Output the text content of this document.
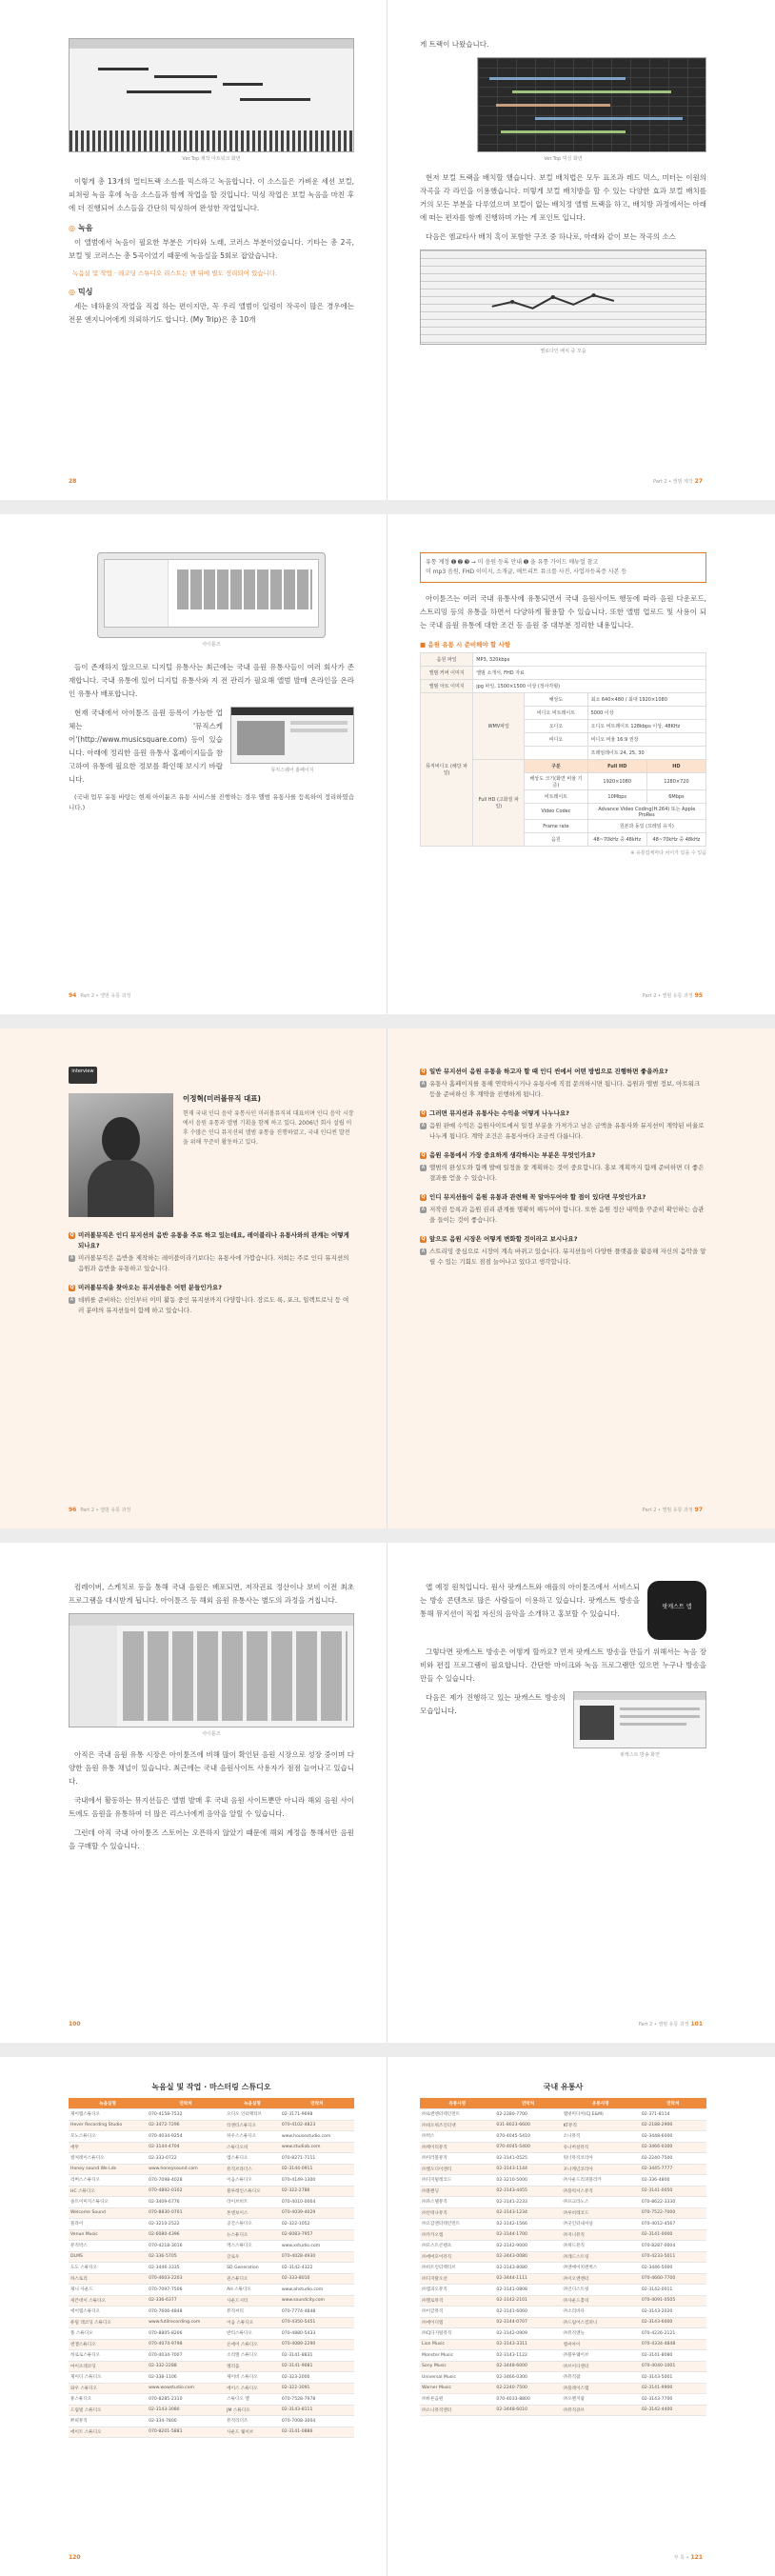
Ver.Top 제작 아트워크 화면

이렇게 총 13개의 멀티트랙 소스를 믹스하고 녹음합니다. 이 소스들은 가벼운 세션 보컬, 피쳐링 녹음 후에 녹음 소스들과 함께 작업을 할 것입니다. 믹싱 작업은 보컬 녹음을 마친 후에 더 진행되어 소스들을 간단히 믹싱하여 완성한 작업입니다.

◎ 녹음

이 앨범에서 녹음이 필요한 부분은 기타와 노래, 코러스 부분이었습니다. 기타는 총 2곡, 보컬 및 코러스는 총 5곡이었기 때문에 녹음실을 5회로 잡았습니다.

녹음실 및 작업 · 레코딩 스튜디오 리스트는 맨 뒤에 별도 정리되어 있습니다.
◎ 믹싱

세는 네하윤의 작업을 직접 하는 편이지만, 꼭 우리 앨범이 일렁이 작곡이 많은 경우에는 전문 엔지니어에게 의뢰하기도 합니다. (My Trip)은 총 10개

28

게 트랙이 나왔습니다.

Ver.Top 믹싱 화면

현저 보컬 트랙을 배치할 했습니다. 보컬 배치법은 모두 표조과 레드 믹스, 미터는 이원의 작곡을 각 라인을 이용했습니다. 미렇게 보컬 배치방을 할 수 있는 다양한 효과 보컬 배치를 거의 모든 부분을 다루었으며 보컬이 없는 배치정 앨범 트랙을 하고, 배치방 과정에서는 아래에 떠는 편자를 함께 진행하며 가는 게 포인트 입니다.

다음은 엠교타사 배치 혹이 포함한 구조 중 하나로, 아래와 같이 보는 작곡의 소스

멜로다인 배치 중 모습
Part 2 • 앨범 제작 27
아이튠즈

들이 존재하지 않으므로 디지털 유통사는 최근에는 국내 음원 유통사들이 여러 회사가 존재합니다. 국내 유통에 있어 디지털 유통사와 지 전 관리가 필요해 앨범 발매 온라인을 온라인 유통사 배포합니다.

현재 국내에서 아이튠즈 음원 등록이 가능한 업체는 '뮤직스케어'(http://www.musicsquare.com) 등이 있습니다. 아래에 정리한 음원 유통사 홈페이지들을 참고하여 유통에 필요한 정보를 확인해 보시기 바랍니다.

뮤직스퀘어 홈페이지

(국내 업무 유통 바탕는 현재 아이튠즈 유통 서비스를 진행하는 경우 앨범 유통사를 등록하여 정리하였습니다.)

94 Part 2 • 앨범 유통 과정
유통 계정 ➊ ➋ ➌ → 미 음원 등록 안내 ➊ 을 유통 가이드 매뉴얼 참고
미 mp3 음원, FHD 이미지, 소개글, 애트리트 뮤크를 사진, 사업자등록증 사본 등

아이튠즈는 여러 국내 유통사에 유통되면서 국내 음원사이트 행동에 따라 음원 다운로드, 스트리밍 등의 유통을 하면서 다양하게 활용할 수 있습니다. 또한 앨범 업로드 및 사용이 되는 국내 음원 유통에 대한 조건 등 음원 중 대부분 정리한 내용입니다.

■ 음원 유통 시 준비해야 할 사항
음원 파일	MP3, 320kbps			
앨범 커버 이미지	앨범 소개서, FHD 자료			
앨범 아트 이미지	jpg 파일, 1500×1500 이상 (정사각형)			
뮤직비디오 (해당 파일)	WMV파일	해상도	최소 640×480 / 최대 1920×1080	
		비디오 비트레이트	5000 이상	
		오디오	오디오 비트레이트 128kbps 이상, 48KHz	
		비디오	비디오 비율 16:9 권장	
			프레임레이트 24, 25, 30	
	Full HD (고화질 파일)	구분	Full HD	HD
		해상도 크기(화면 비율 기준)	1920×1080	1280×720
		비트레이트	10Mbps	6Mbps
		Video Codec	Advance Video Coding(H.264) 또는 Apple ProRes	
		Frame rate	원본과 동일 (프레임 유지)	
		음원	48~70kHz 중 48kHz	48~70kHz 중 48kHz
※ 유통업체마다 차이가 있을 수 있음
Part 2 • 앨범 유통 과정 95
interview
이정혁(미러볼뮤직 대표)
현재 국내 인디 음악 유통사인 미러볼뮤직의 대표이며 인디 음악 시장에서 음원 유통과 앨범 기획을 함께 하고 있다. 2006년 회사 설립 이후 수많은 인디 뮤지션의 앨범 유통을 진행하였고, 국내 인디씬 발전을 위해 꾸준히 활동하고 있다.
Q 미러볼뮤직은 인디 뮤지션의 음반 유통을 주로 하고 있는데요, 레이블리나 유통사와의 관계는 어떻게 되나요?
A 미러볼뮤직은 음반을 제작하는 레이블이라기보다는 유통사에 가깝습니다. 저희는 주로 인디 뮤지션의 음원과 음반을 유통하고 있습니다.
Q 미러볼뮤직을 찾아오는 뮤지션들은 어떤 분들인가요?
A 데뷔를 준비하는 신인부터 이미 활동 중인 뮤지션까지 다양합니다. 장르도 록, 포크, 일렉트로닉 등 여러 분야의 뮤지션들이 함께 하고 있습니다.
96 Part 2 • 앨범 유통 과정
Q 일반 뮤지션이 음원 유통을 하고자 할 때 인디 씬에서 어떤 방법으로 진행하면 좋을까요?
A 유통사 홈페이지를 통해 연락하시거나 유통사에 직접 문의하시면 됩니다. 음원과 앨범 정보, 아트워크 등을 준비하신 후 계약을 진행하게 됩니다.
Q 그러면 뮤지션과 유통사는 수익을 어떻게 나누나요?
A 음원 판매 수익은 음원사이트에서 일정 부분을 가져가고 남은 금액을 유통사와 뮤지션이 계약된 비율로 나누게 됩니다. 계약 조건은 유통사마다 조금씩 다릅니다.
Q 음원 유통에서 가장 중요하게 생각하시는 부분은 무엇인가요?
A 앨범의 완성도와 함께 발매 일정을 잘 계획하는 것이 중요합니다. 홍보 계획까지 함께 준비하면 더 좋은 결과를 얻을 수 있습니다.
Q 인디 뮤지션들이 음원 유통과 관련해 꼭 알아두어야 할 점이 있다면 무엇인가요?
A 저작권 등록과 음원 권리 관계를 명확히 해두어야 합니다. 또한 음원 정산 내역을 꾸준히 확인하는 습관을 들이는 것이 좋습니다.
Q 앞으로 음원 시장은 어떻게 변화할 것이라고 보시나요?
A 스트리밍 중심으로 시장이 계속 바뀌고 있습니다. 뮤지션들이 다양한 플랫폼을 활용해 자신의 음악을 알릴 수 있는 기회도 점점 늘어나고 있다고 생각합니다.
Part 2 • 앨범 유통 과정 97

컴레이버, 스케치로 등을 통해 국내 음원은 배포되면, 저작권료 정산이나 보비 이전 최초 프로그램을 대시받게 됩니다. 아이튠즈 등 해외 음원 유통사는 별도의 과정을 거칩니다.

아이튠즈

아직은 국내 음원 유통 시장은 아이튠즈에 비해 많이 확인된 음원 시장으로 성장 중이며 다양한 음원 유통 채널이 있습니다. 최근에는 국내 음원사이트 사용자가 점점 늘어나고 있습니다.

국내에서 활동하는 뮤지션들은 앨범 발매 후 국내 음원 사이트뿐만 아니라 해외 음원 사이트에도 음원을 유통하여 더 많은 리스너에게 음악을 알릴 수 있습니다.

그런데 아직 국내 아이튠즈 스토어는 오픈하지 않았기 때문에 해외 계정을 통해서만 음원을 구매할 수 있습니다.

100

앱 예정 원칙입니다. 원사 팟캐스트와 애플의 아이튠즈에서 서비스되는 방송 콘텐츠로 많은 사람들이 이용하고 있습니다. 팟캐스트 방송을 통해 뮤지션이 직접 자신의 음악을 소개하고 홍보할 수 있습니다.

팟캐스트 앱

그렇다면 팟캐스트 방송은 어떻게 할까요? 먼저 팟캐스트 방송을 만들기 위해서는 녹음 장비와 편집 프로그램이 필요합니다. 간단한 마이크와 녹음 프로그램만 있으면 누구나 방송을 만들 수 있습니다.

다음은 제가 진행하고 있는 팟캐스트 방송의 모습입니다.

팟캐스트 방송 화면
Part 2 • 앨범 유통 과정 101
녹음실 및 작업 · 마스터링 스튜디오
녹음실명	연락처	녹음실명	연락처
제이엠스튜디오	070-4158-7532	오디오 인터랙티브	02-3171-9698
Hever Recording Studio	02-3472-7296	티엔티스튜디오	070-4102-4823
모노스튜디오	070-4034-9254	하우스스튜디오	www.housestudio.com
에뚜	02-3144-4704	스튜디오비	www.studiob.com
컬처레이스튜디오	02-333-0722	엠스튜디오	070-8271-7111
Honey sound We Lds	www.honeysound.com	뮤직브라더스	02-3144-0911
리버스스튜디오	070-7098-4028	이음스튜디오	070-4149-1300
HC 스튜디오	070-4892-0102	블루레인스튜디오	02-322-2786
솔트이미지스튜디오	02-3409-6776	라이브비트	070-4010-0064
Welcome Sound	070-8830-0701	톤앤보이스	070-4039-4029
플라이	02-3210-2522	공간스튜디오	02-322-1052
Venue Music	02-6080-4396	뉴스튜디오	02-6083-7957
뮤직박스	070-4218-3016	엑스스튜디오	www.xstudio.com
DLMS	02-336-5705	글로우	070-4028-4930
도도 스튜디오	02-3446-3335	SD Generation	02-3142-4322
하스토리	070-4603-2203	퀸스튜디오	02-333-8010
제니 사운드	070-7097-7506	AH 스튜디오	www.ahstudio.com
세븐데이 스튜디오	02-336-6377	사운드시티	www.soundcity.com
에이엠스튜디오	070-7606-4848	뮤직씨티	070-7774-4848
퓨틸 레코딩 스튜디오	www.futilrecording.com	이음 스튜디오	070-4350-5451
폴 스튜디오	070-8805-8206	반티스튜디오	070-4880-5433
엔젤스튜디오	070-4074-9798	온에어 스튜디오	070-4089-2290
히로로스튜디오	070-4034-7007	소리엘 스튜디오	02-3141-8831
마이츠레코딩	02-332-2288	엘리움	02-3141-9081
제이디 스튜디오	02-338-1106	제이비 스튜디오	02-323-2000
와우 스튜디오	www.wowstudio.com	에이스 스튜디오	02-322-3091
휴스튜디오	070-8285-2310	스튜디오 엘	070-7528-7978
드림빌 스튜디오	02-3143-3080	JM 스튜디오	02-3143-8111
쁘띠뮤직	02-334-7800	뮤직리더즈	070-7008-3004
에이트 스튜디오	070-8201-5881	사운드 웨이브	02-3141-0886
120
국내 유통사
유통사명	연락처	유통사명	연락처
㈜로엔엔터테인먼트	02-2280-7700	엠넷미디어(CJ E&M)	02-371-8114
㈜네오위즈인터넷	031-8023-6600	KT뮤직	02-2188-2900
㈜벅스	070-4045-5410	소니뮤직	02-3448-6000
㈜케이티뮤직	070-4045-5400	유니버설뮤직	02-3466-0300
㈜미러볼뮤직	02-3141-0525	워너뮤직코리아	02-2240-7500
㈜엘오디이엔티	02-3143-1144	포니캐년코리아	02-3445-7777
㈜디지털레코드	02-3210-5000	㈜사운드리퍼블리카	02-336-4800
㈜블렌딩	02-3143-4455	㈜플럭서스뮤직	02-3141-0050
㈜파스텔뮤직	02-3141-2233	㈜포크라노스	070-8622-3330
㈜안테나뮤직	02-3143-1234	㈜루비레코드	070-7522-7000
㈜오감엔터테인먼트	02-3142-1566	㈜굿인터내셔널	070-4012-4567
㈜카카오엠	02-3144-1700	㈜지니뮤직	02-3141-0000
㈜모스트콘텐츠	02-3142-9000	㈜위드뮤직	070-8287-0004
㈜에버모어뮤직	02-3443-0080	㈜레드스트링	070-4233-5011
㈜비트인터렉티브	02-3143-8080	㈜엔에이치엔벅스	02-3446-5000
㈜디지탈오션	02-3444-1111	㈜이오엔엔터	070-4660-7700
㈜엠피오뮤직	02-3141-0808	㈜인디스트릿	02-3142-0011
㈜헬로뮤직	02-3142-2101	㈜사운드홀릭	070-4091-0505
㈜이글뮤직	02-3141-6060	㈜소리바다	02-3143-2020
㈜에이디엠	02-3144-0707	㈜드림어스컴퍼니	02-3143-6000
㈜CJ디지털뮤직	02-3142-0909	㈜뮤직앤뉴	070-4226-2121
Lion Music	02-3143-3311	엠씨아이	070-4334-4848
Monster Music	02-3143-1122	㈜블루웨이브	02-3141-8080
Sony Music	02-3448-6000	㈜브이디엔터	070-4040-1001
Universal Music	02-3466-0300	㈜뮤직팜	02-3143-5001
Warner Music	02-2240-7500	㈜플레이스엠	02-3141-9900
㈜바른음원	070-4033-8800	㈜오렌지팜	02-3143-7700
㈜소니뮤직엔터	02-3448-6010	㈜뮤직큐브	02-3142-4400
부 록 • 121
